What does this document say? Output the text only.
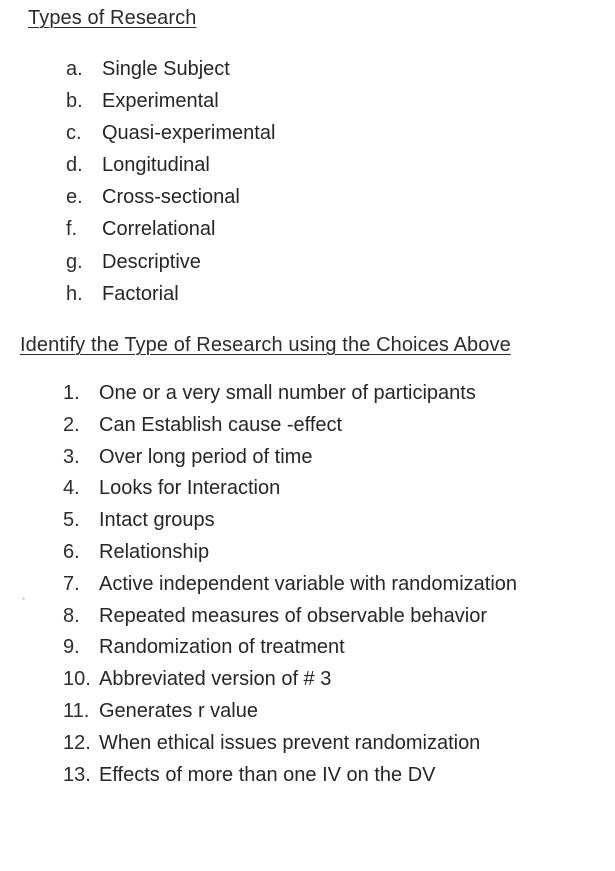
Types of Research
a. Single Subject
b. Experimental
c. Quasi-experimental
d. Longitudinal
e. Cross-sectional
f. Correlational
g. Descriptive
h. Factorial
Identify the Type of Research using the Choices Above
1. One or a very small number of participants
2. Can Establish cause -effect
3. Over long period of time
4. Looks for Interaction
5. Intact groups
6. Relationship
7. Active independent variable with randomization
8. Repeated measures of observable behavior
9. Randomization of treatment
10. Abbreviated version of # 3
11. Generates r value
12. When ethical issues prevent randomization
13. Effects of more than one IV on the DV
